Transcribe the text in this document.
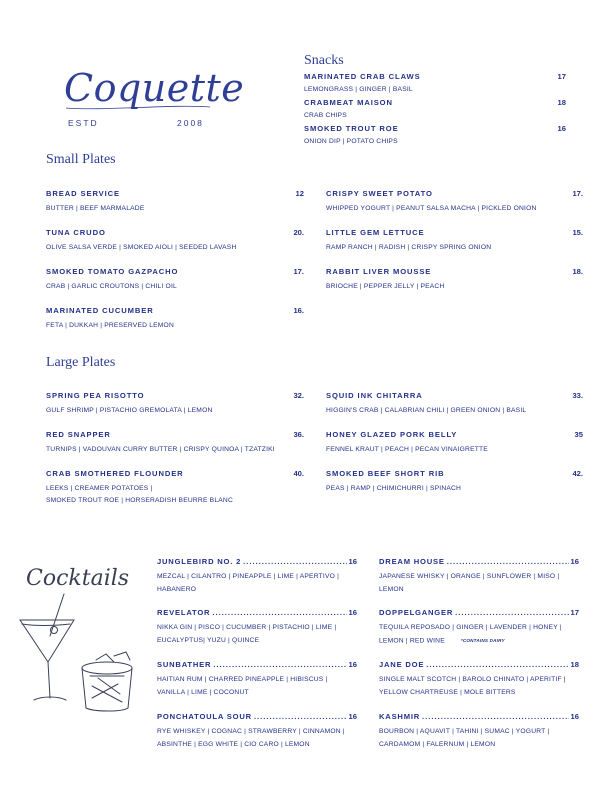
Coquette
ESTD	2008
Snacks
MARINATED CRAB CLAWS	17
LEMONGRASS | GINGER | BASIL
CRABMEAT MAISON	18
CRAB CHIPS
SMOKED TROUT ROE	16
ONION DIP | POTATO CHIPS
Small Plates
BREAD SERVICE	12
BUTTER | BEEF MARMALADE
TUNA CRUDO	20.
OLIVE SALSA VERDE | SMOKED AIOLI | SEEDED LAVASH
SMOKED TOMATO GAZPACHO	17.
CRAB | GARLIC CROUTONS | CHILI OIL
MARINATED CUCUMBER	16.
FETA | DUKKAH | PRESERVED LEMON
CRISPY SWEET POTATO	17.
WHIPPED YOGURT | PEANUT SALSA MACHA | PICKLED ONION
LITTLE GEM LETTUCE	15.
RAMP RANCH | RADISH | CRISPY SPRING ONION
RABBIT LIVER MOUSSE	18.
BRIOCHE | PEPPER JELLY | PEACH
Large Plates
SPRING PEA RISOTTO	32.
GULF SHRIMP | PISTACHIO GREMOLATA | LEMON
RED SNAPPER	36.
TURNIPS | VADOUVAN CURRY BUTTER | CRISPY QUINOA | TZATZIKI
CRAB SMOTHERED FLOUNDER	40.
LEEKS | CREAMER POTATOES |
SMOKED TROUT ROE | HORSERADISH BEURRE BLANC
SQUID INK CHITARRA	33.
HIGGIN'S CRAB | CALABRIAN CHILI | GREEN ONION | BASIL
HONEY GLAZED PORK BELLY	35
FENNEL KRAUT | PEACH | PECAN VINAIGRETTE
SMOKED BEEF SHORT RIB	42.
PEAS | RAMP | CHIMICHURRI | SPINACH
Cocktails
JUNGLEBIRD NO. 2 .....	16
MEZCAL | CILANTRO | PINEAPPLE | LIME | APERTIVO |
HABANERO
REVELATOR .....	16
NIKKA GIN | PISCO | CUCUMBER | PISTACHIO | LIME |
EUCALYPTUS| YUZU | QUINCE
SUNBATHER .....	16
HAITIAN RUM | CHARRED PINEAPPLE | HIBISCUS |
VANILLA | LIME | COCONUT
PONCHATOULA SOUR .....	16
RYE WHISKEY | COGNAC | STRAWBERRY | CINNAMON |
ABSINTHE | EGG WHITE | CIO CARO | LEMON
DREAM HOUSE .....	16
JAPANESE WHISKY | ORANGE | SUNFLOWER | MISO |
LEMON
DOPPELGANGER .....	17
TEQUILA REPOSADO | GINGER | LAVENDER | HONEY |
LEMON | RED WINE	*CONTAINS DAIRY
JANE DOE .....	18
SINGLE MALT SCOTCH | BAROLO CHINATO | APERITIF |
YELLOW CHARTREUSE | MOLE BITTERS
KASHMIR .....	16
BOURBON | AQUAVIT | TAHINI | SUMAC | YOGURT |
CARDAMOM | FALERNUM | LEMON
